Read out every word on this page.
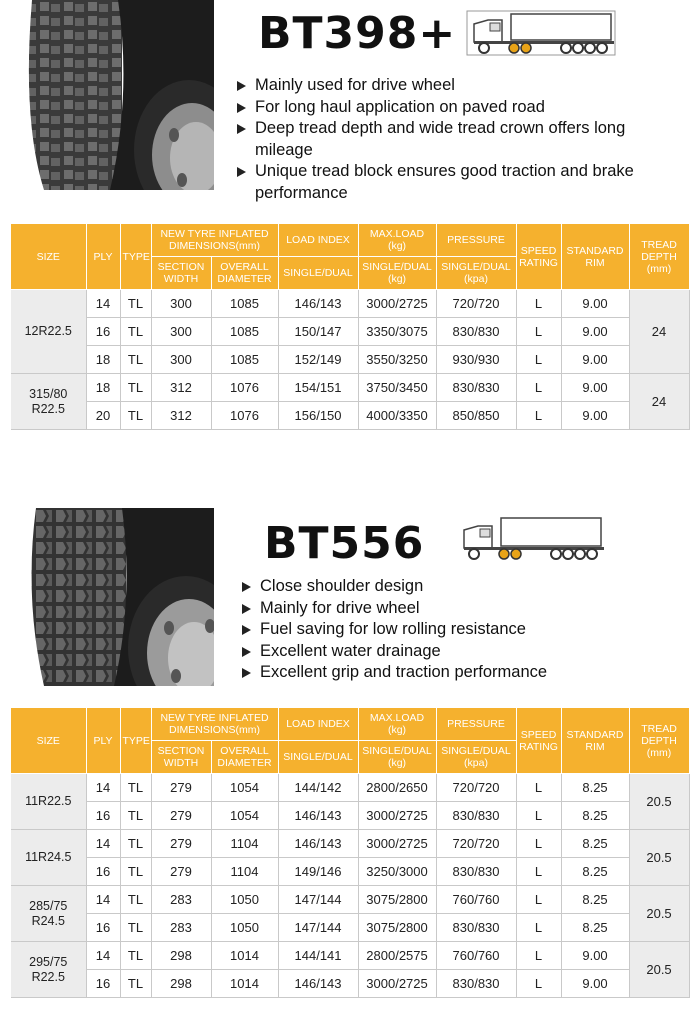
BT398+
Mainly used for drive wheel
For long haul application on paved road
Deep tread depth and wide tread crown offers long mileage
Unique tread block ensures good traction and brake performance
SIZE	PLY	TYPE	NEW TYRE INFLATED DIMENSIONS(mm)		LOAD INDEX	MAX.LOAD (kg)	PRESSURE	SPEED RATING	STANDARD RIM	TREAD DEPTH (mm)
			SECTION WIDTH	OVERALL DIAMETER	SINGLE/DUAL	SINGLE/DUAL (kg)	SINGLE/DUAL (kpa)			
12R22.5	14	TL	300	1085	146/143	3000/2725	720/720	L	9.00	24
	16	TL	300	1085	150/147	3350/3075	830/830	L	9.00	
	18	TL	300	1085	152/149	3550/3250	930/930	L	9.00	
315/80 R22.5	18	TL	312	1076	154/151	3750/3450	830/830	L	9.00	24
	20	TL	312	1076	156/150	4000/3350	850/850	L	9.00	
BT556
Close shoulder design
Mainly for drive wheel
Fuel saving for low rolling resistance
Excellent water drainage
Excellent grip and traction performance
SIZE	PLY	TYPE	NEW TYRE INFLATED DIMENSIONS(mm)		LOAD INDEX	MAX.LOAD (kg)	PRESSURE	SPEED RATING	STANDARD RIM	TREAD DEPTH (mm)
			SECTION WIDTH	OVERALL DIAMETER	SINGLE/DUAL	SINGLE/DUAL (kg)	SINGLE/DUAL (kpa)			
11R22.5	14	TL	279	1054	144/142	2800/2650	720/720	L	8.25	20.5
	16	TL	279	1054	146/143	3000/2725	830/830	L	8.25	
11R24.5	14	TL	279	1104	146/143	3000/2725	720/720	L	8.25	20.5
	16	TL	279	1104	149/146	3250/3000	830/830	L	8.25	
285/75 R24.5	14	TL	283	1050	147/144	3075/2800	760/760	L	8.25	20.5
	16	TL	283	1050	147/144	3075/2800	830/830	L	8.25	
295/75 R22.5	14	TL	298	1014	144/141	2800/2575	760/760	L	9.00	20.5
	16	TL	298	1014	146/143	3000/2725	830/830	L	9.00	
